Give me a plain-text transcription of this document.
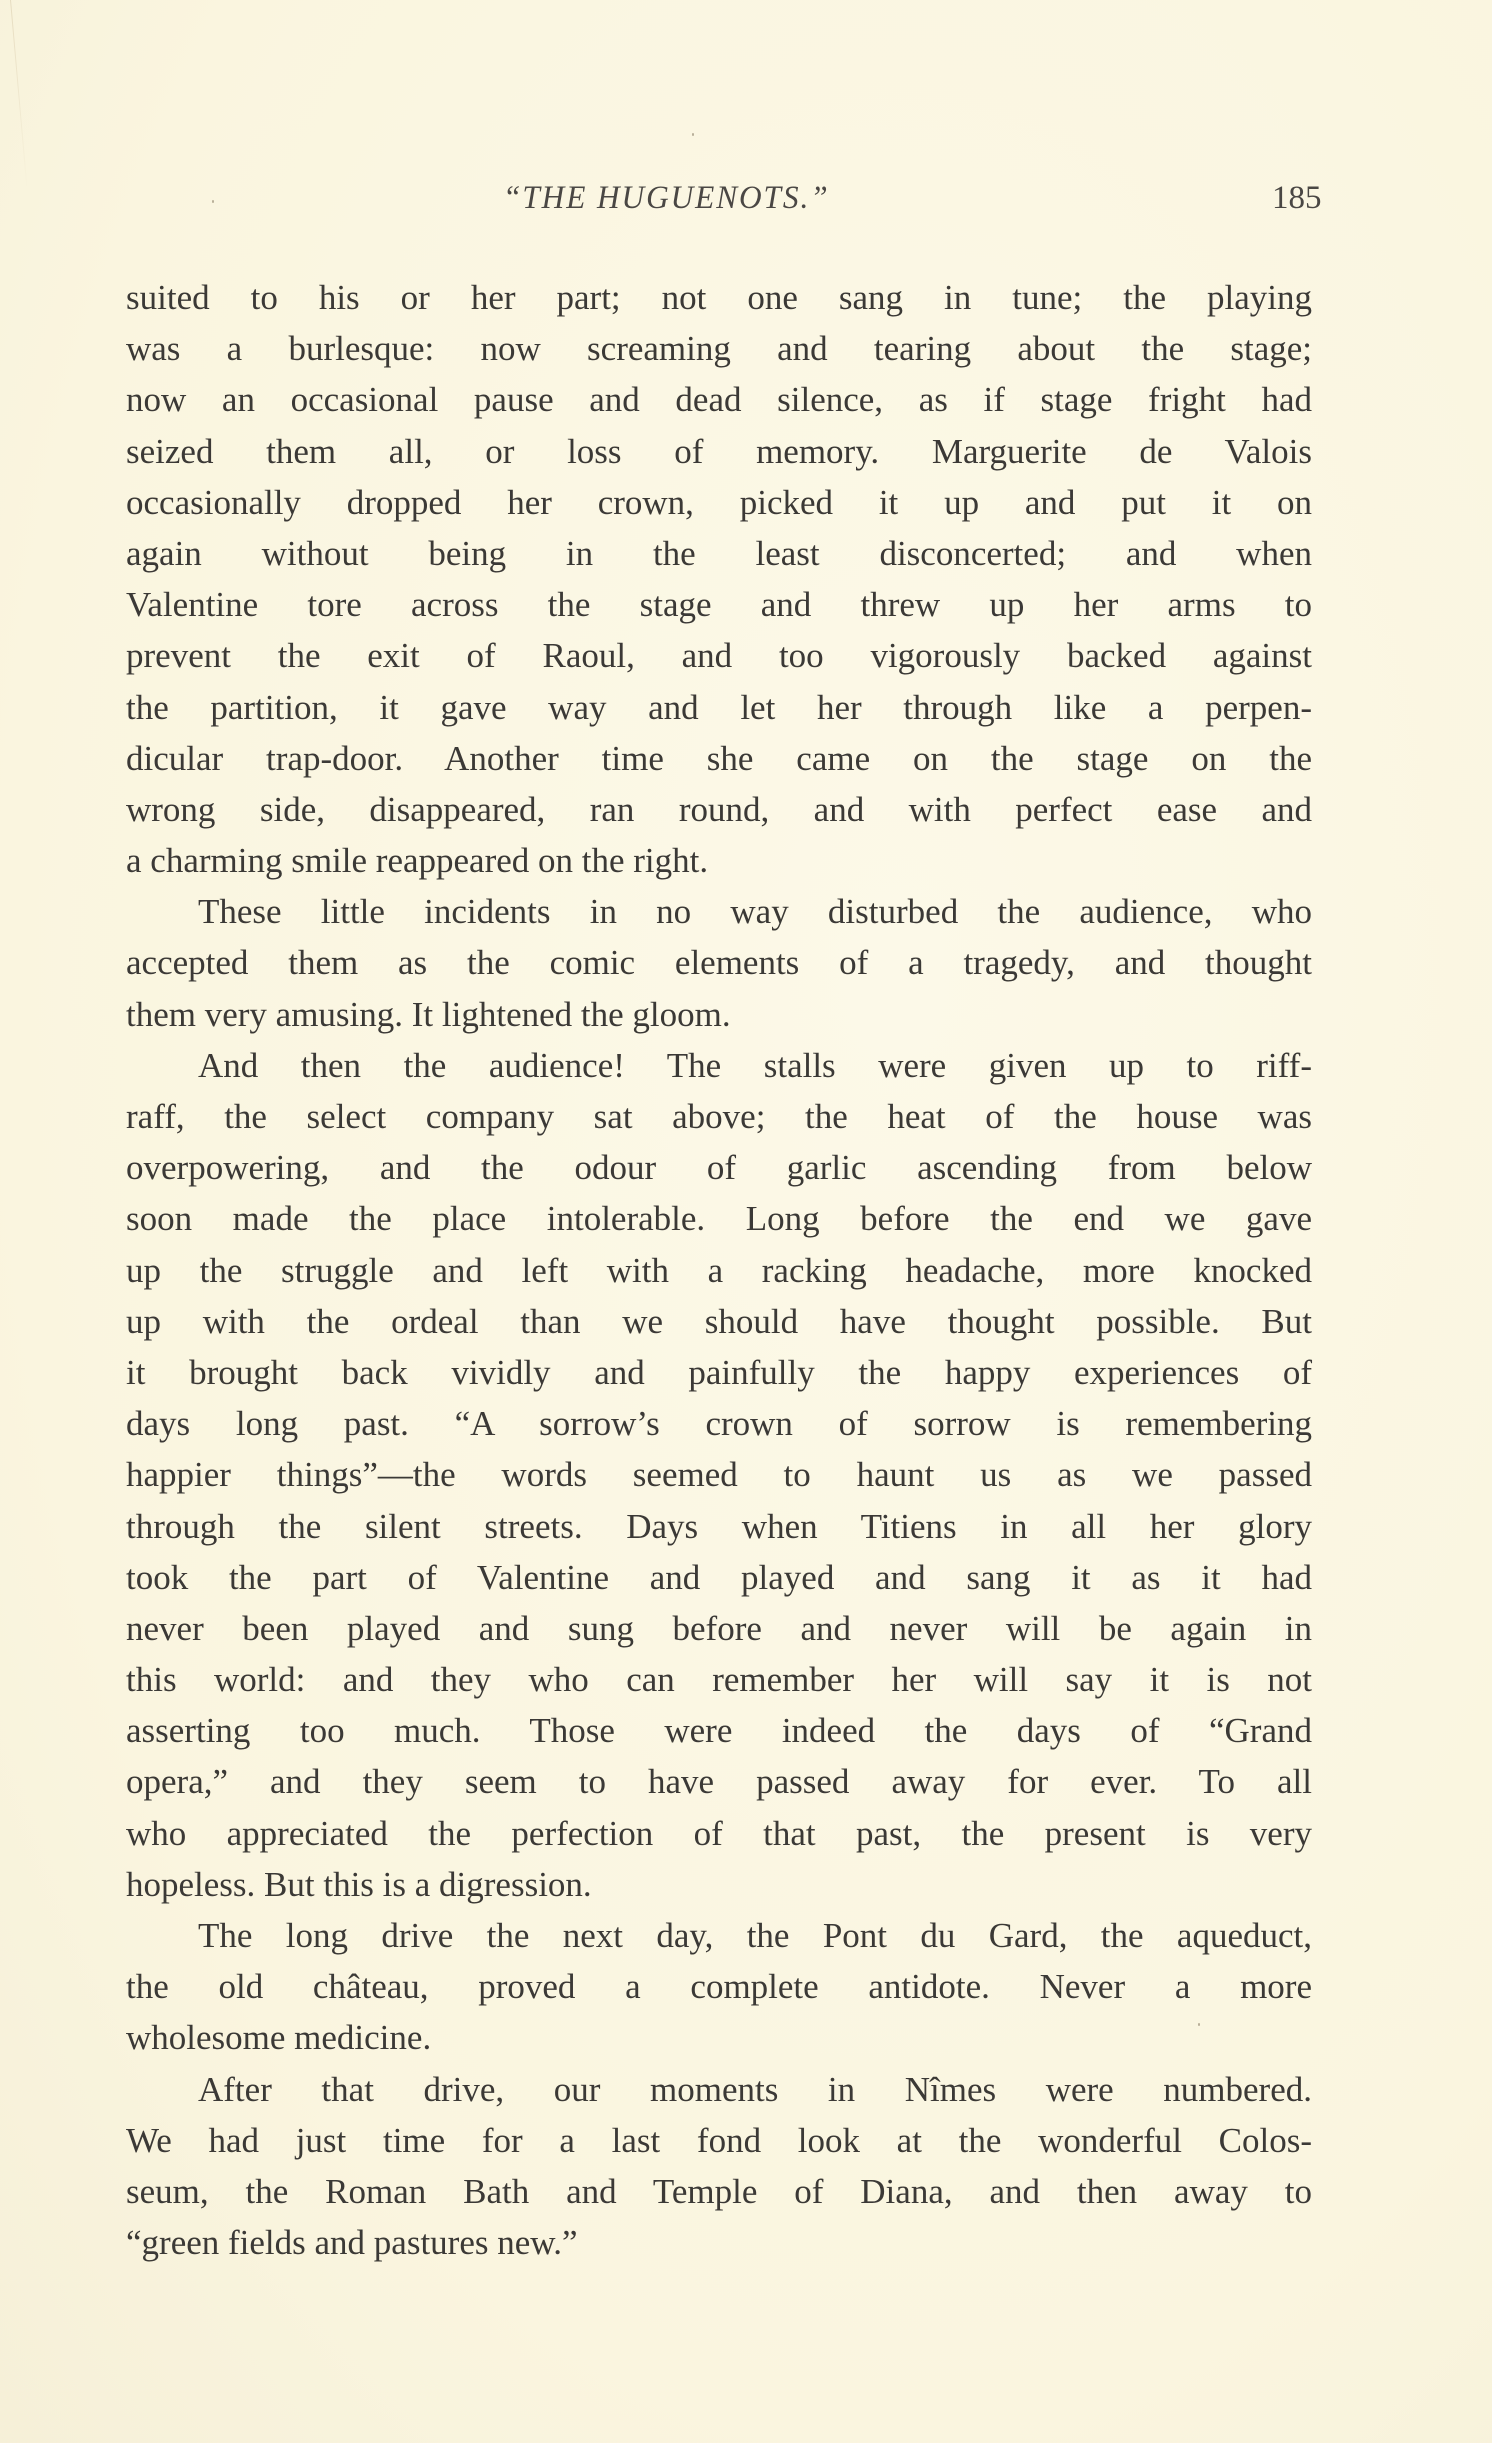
“THE HUGUENOTS.”	185
suited to his or her part; not one sang in tune; the playing
was a burlesque: now screaming and tearing about the stage;
now an occasional pause and dead silence, as if stage fright had
seized them all, or loss of memory. Marguerite de Valois
occasionally dropped her crown, picked it up and put it on
again without being in the least disconcerted; and when
Valentine tore across the stage and threw up her arms to
prevent the exit of Raoul, and too vigorously backed against
the partition, it gave way and let her through like a perpen-
dicular trap-door. Another time she came on the stage on the
wrong side, disappeared, ran round, and with perfect ease and
a charming smile reappeared on the right.
These little incidents in no way disturbed the audience, who
accepted them as the comic elements of a tragedy, and thought
them very amusing. It lightened the gloom.
And then the audience! The stalls were given up to riff-
raff, the select company sat above; the heat of the house was
overpowering, and the odour of garlic ascending from below
soon made the place intolerable. Long before the end we gave
up the struggle and left with a racking headache, more knocked
up with the ordeal than we should have thought possible. But
it brought back vividly and painfully the happy experiences of
days long past. “A sorrow’s crown of sorrow is remembering
happier things”—the words seemed to haunt us as we passed
through the silent streets. Days when Titiens in all her glory
took the part of Valentine and played and sang it as it had
never been played and sung before and never will be again in
this world: and they who can remember her will say it is not
asserting too much. Those were indeed the days of “Grand
opera,” and they seem to have passed away for ever. To all
who appreciated the perfection of that past, the present is very
hopeless. But this is a digression.
The long drive the next day, the Pont du Gard, the aqueduct,
the old château, proved a complete antidote. Never a more
wholesome medicine.
After that drive, our moments in Nîmes were numbered.
We had just time for a last fond look at the wonderful Colos-
seum, the Roman Bath and Temple of Diana, and then away to
“green fields and pastures new.”
